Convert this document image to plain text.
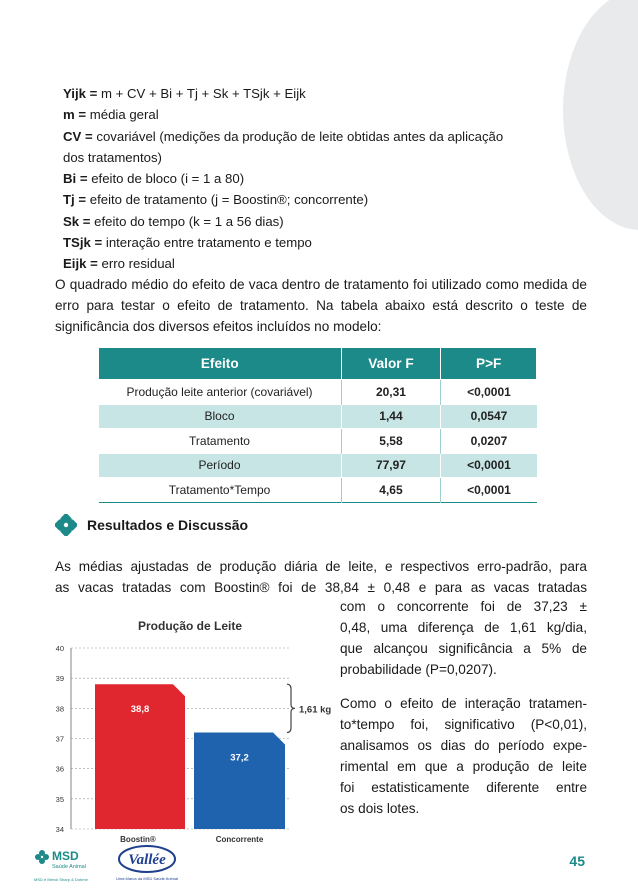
Yijk = m + CV + Bi + Tj + Sk + TSjk + Eijk
m = média geral
CV = covariável (medições da produção de leite obtidas antes da aplicação
dos tratamentos)
Bi = efeito de bloco (i = 1 a 80)
Tj = efeito de tratamento (j = Boostin®; concorrente)
Sk = efeito do tempo (k = 1 a 56 dias)
TSjk = interação entre tratamento e tempo
Eijk = erro residual
O quadrado médio do efeito de vaca dentro de tratamento foi utilizado como medida de erro para testar o efeito de tratamento. Na tabela abaixo está descrito o teste de significância dos diversos efeitos incluídos no modelo:
Efeito	Valor F	P>F
Produção leite anterior (covariável)	20,31	<0,0001
Bloco	1,44	0,0547
Tratamento	5,58	0,0207
Período	77,97	<0,0001
Tratamento*Tempo	4,65	<0,0001
Resultados e Discussão
As médias ajustadas de produção diária de leite, e respectivos erro-padrão, para
as vacas tratadas com Boostin® foi de 38,84 ± 0,48 e para as vacas tratadas
com o concorrente foi de 37,23 ±
0,48, uma diferença de 1,61 kg/dia,
que alcançou significância a 5% de
probabilidade (P=0,0207).
Como o efeito de interação tratamen-
to*tempo foi, significativo (P<0,01),
analisamos os dias do período expe-
rimental em que a produção de leite
foi estatisticamente diferente entre
os dois lotes.
Produção de Leite
34
35
36
37
38
39
40
38,8
Boostin®
37,2
Concorrente
1,61 kg
MSD
Saúde Animal
MSD é Merck Sharp & Dohme
Vallée
Uma Marca da MSD Saúde Animal
45
